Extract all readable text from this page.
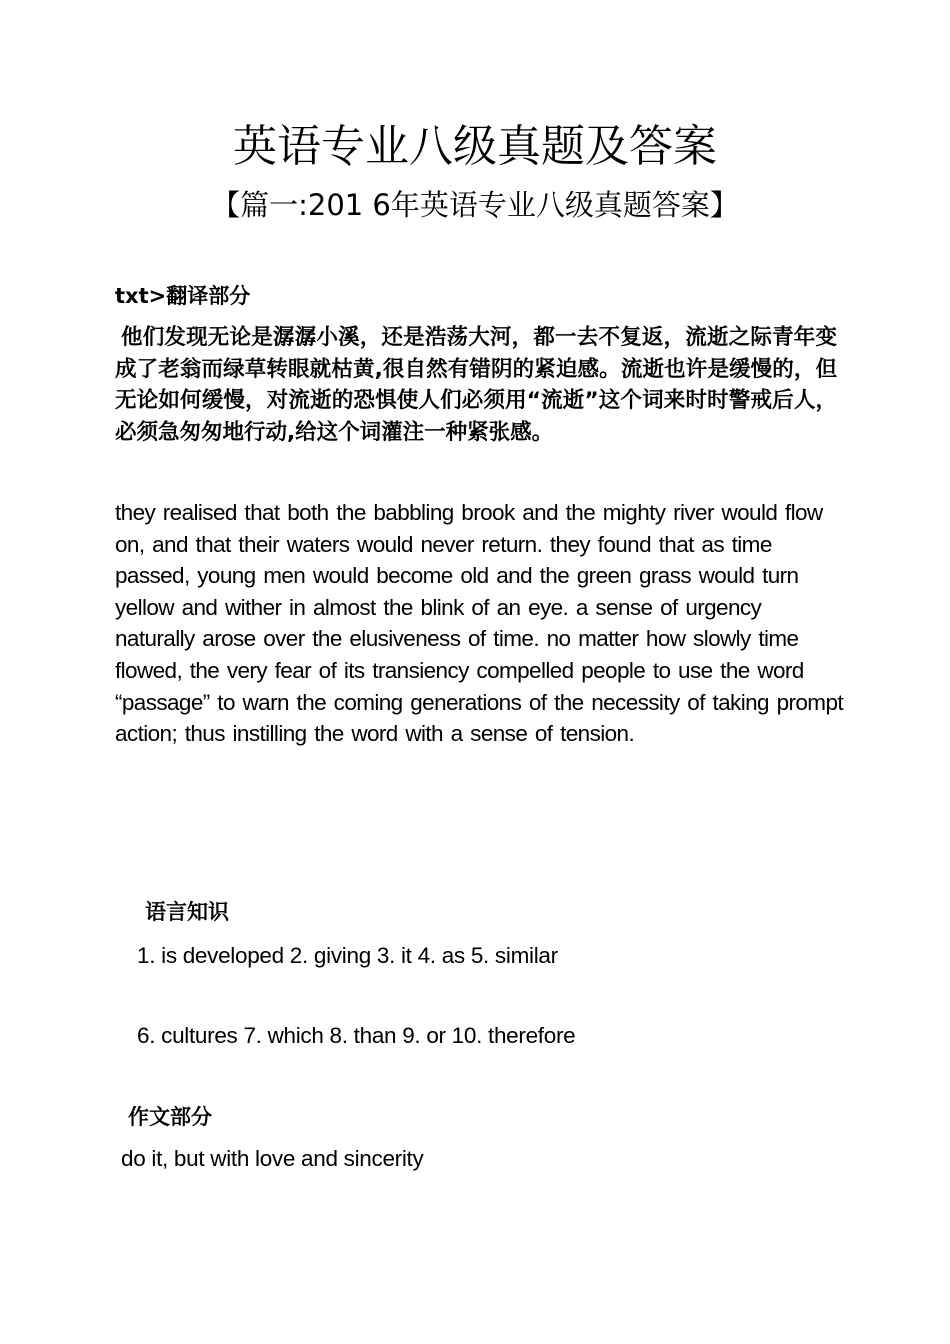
英语专业八级真题及答案
【篇一:201 6年英语专业八级真题答案】
txt>翻译部分
他们发现无论是潺潺小溪，还是浩荡大河，都一去不复返，流逝之际青年变成了老翁而绿草转眼就枯黄,很自然有错阴的紧迫感。流逝也许是缓慢的，但无论如何缓慢，对流逝的恐惧使人们必须用“流逝”这个词来时时警戒后人，必须急匆匆地行动,给这个词灌注一种紧张感。
they realised that both the babbling brook and the mighty river would flow on, and that their waters would never return. they found that as time passed, young men would become old and the green grass would turn yellow and wither in almost the blink of an eye. a sense of urgency naturally arose over the elusiveness of time. no matter how slowly time flowed, the very fear of its transiency compelled people to use the word “passage” to warn the coming generations of the necessity of taking prompt action; thus instilling the word with a sense of tension.
语言知识
1. is developed 2. giving 3. it 4. as 5. similar
6. cultures 7. which 8. than 9. or 10. therefore
作文部分
do it, but with love and sincerity
